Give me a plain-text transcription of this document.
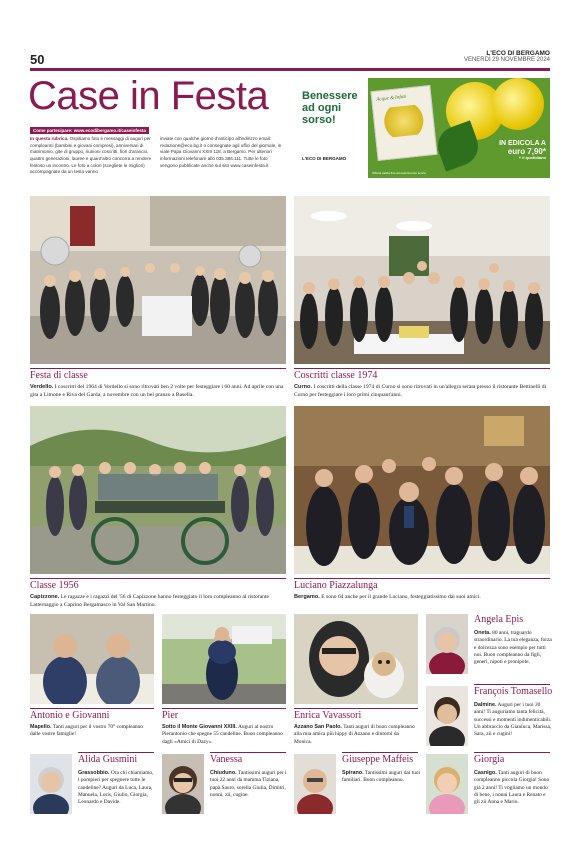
50	L'ECO DI BERGAMO
VENERDÌ 29 NOVEMBRE 2024
Case in Festa
Come partecipare: www.ecodibergamo.it/caseinfesta
In questa rubrica. Ospitiamo foto e messaggi di auguri per compleanni (bambini e giovani compresi), anniversari di matrimonio, gite di gruppo, riunioni coscritti, fiori d'arancio, quattro generazioni, lauree e quant'altro concorra a rendere festoso un incontro. Le foto a colori (scegliete le migliori) accompagnate da un testo vanno
inviate con qualche giorno d'anticipo all'indirizzo email: redazione@eco.bg.it o consegnate agli uffici del giornale, in viale Papa Giovanni XXIII 118, a Bergamo. Per ulteriori informazioni telefonare allo 035.386.111. Tutte le foto vengono pubblicate anche sul sito www.caseinfesta.it
Benessere
ad ogni sorso!
L'ECO DI BERGAMO
Acque & Infusi
IN EDICOLA A
euro 7,90*
+ il quotidiano
Offerta valida fino ad esaurimento scorte
Festa di classe
Verdello. I coscritti del 1964 di Verdello si sono ritrovati ben 2 volte per festeggiare i 60 anni. Ad aprile con una gita a Limone e Riva del Garda, a novembre con un bel pranzo a Basella.
Coscritti classe 1974
Curno. I coscritti della classe 1974 di Curno si sono ritrovati in un'allegra serata presso il ristorante Bettinelli di Curno per festeggiare i loro primi cinquant'anni.
Classe 1956
Capizzone. Le ragazze e i ragazzi del '56 di Capizzone hanno festeggiato il loro compleanno al ristorante Latternaggio a Caprino Bergamasco in Val San Martino.
Luciano Piazzalunga
Bergamo. E sono 64 anche per il grande Luciano, festeggiatissimo dai suoi amici.
Antonio e Giovanni
Mapello. Tanti auguri per il vostro 70° compleanno dalle vostre famiglie!
Pier
Sotto il Monte Giovanni XXIII. Auguri al nostro Pierantonio che spegne 55 candeline. Buon compleanno dagli «Amici di Dazy».
Enrica Vavassori
Azzano San Paolo. Tanti auguri di buon compleanno alla mia amica più hippy di Azzano e dintorni da Monica.
Angela Epis
Oneta. 80 anni, traguardo straordinario. La tua eleganza, forza e dolcezza sono esempio per tutti noi. Buon compleanno da figli, generi, nipoti e pronipote.
François Tomasello
Dalmine. Auguri per i tuoi 20 anni! Ti auguriamo tanta felicità, successi e momenti indimenticabili. Un abbraccio da Gianluca, Marissa, Sara, zii e cugini!
Alida Gusmini
Grassobbio. Ora chi chiamiamo, i pompieri per spegnere tutte le candeline? Auguri da Luca, Laura, Manuela, Loris, Giulio, Giorgia, Leonardo e Davide.
Vanessa
Chiuduno. Tantissimi auguri per i tuoi 22 anni da mamma Tiziana, papà Sauro, sorella Giulia, Dimitri, nonni, zii, cugine.
Giuseppe Maffeis
Spirano. Tantissimi auguri dai tuoi familiari. Buon compleanno.
Giorgia
Casnigo. Tanti auguri di buon compleanno piccola Giorgia! Sono già 2 anni! Ti vogliamo un mondo di bene, i nonni Laura e Renato e gli zii Anna e Mario.
